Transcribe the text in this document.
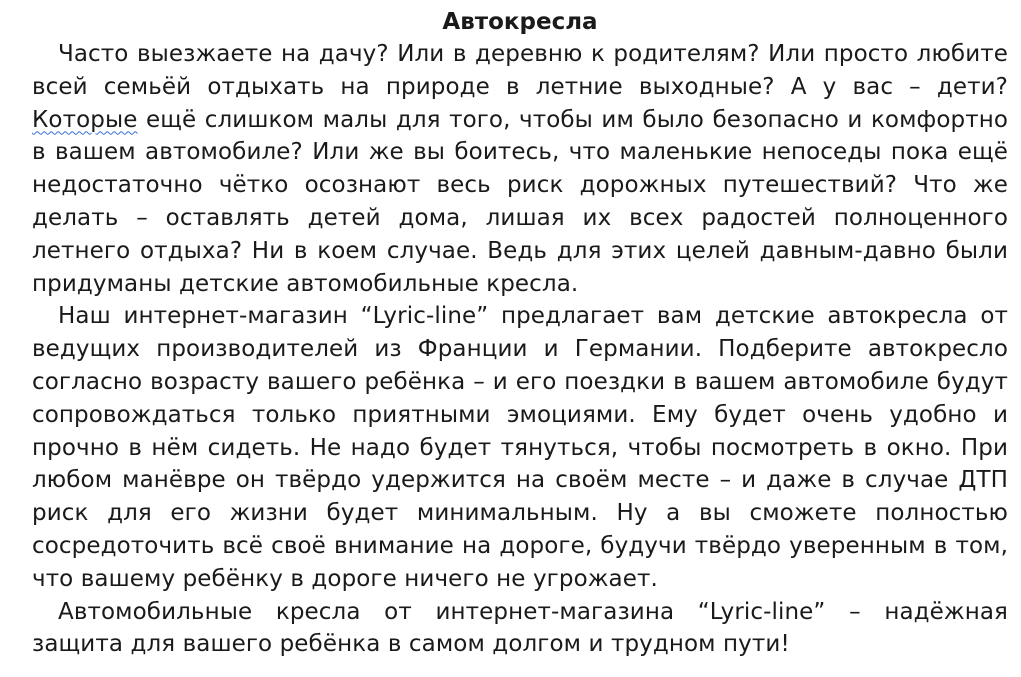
Автокресла

Часто выезжаете на дачу? Или в деревню к родителям? Или просто любите всей семьёй отдыхать на природе в летние выходные? А у вас – дети? Которые ещё слишком малы для того, чтобы им было безопасно и комфортно в вашем автомобиле? Или же вы боитесь, что маленькие непоседы пока ещё недостаточно чётко осознают весь риск дорожных путешествий? Что же делать – оставлять детей дома, лишая их всех радостей полноценного летнего отдыха? Ни в коем случае. Ведь для этих целей давным-давно были придуманы детские автомобильные кресла.

Наш интернет-магазин “Lyric-line” предлагает вам детские автокресла от ведущих производителей из Франции и Германии. Подберите автокресло согласно возрасту вашего ребёнка – и его поездки в вашем автомобиле будут сопровождаться только приятными эмоциями. Ему будет очень удобно и прочно в нём сидеть. Не надо будет тянуться, чтобы посмотреть в окно. При любом манёвре он твёрдо удержится на своём месте – и даже в случае ДТП риск для его жизни будет минимальным. Ну а вы сможете полностью сосредоточить всё своё внимание на дороге, будучи твёрдо уверенным в том, что вашему ребёнку в дороге ничего не угрожает.

Автомобильные кресла от интернет-магазина “Lyric-line” – надёжная защита для вашего ребёнка в самом долгом и трудном пути!
